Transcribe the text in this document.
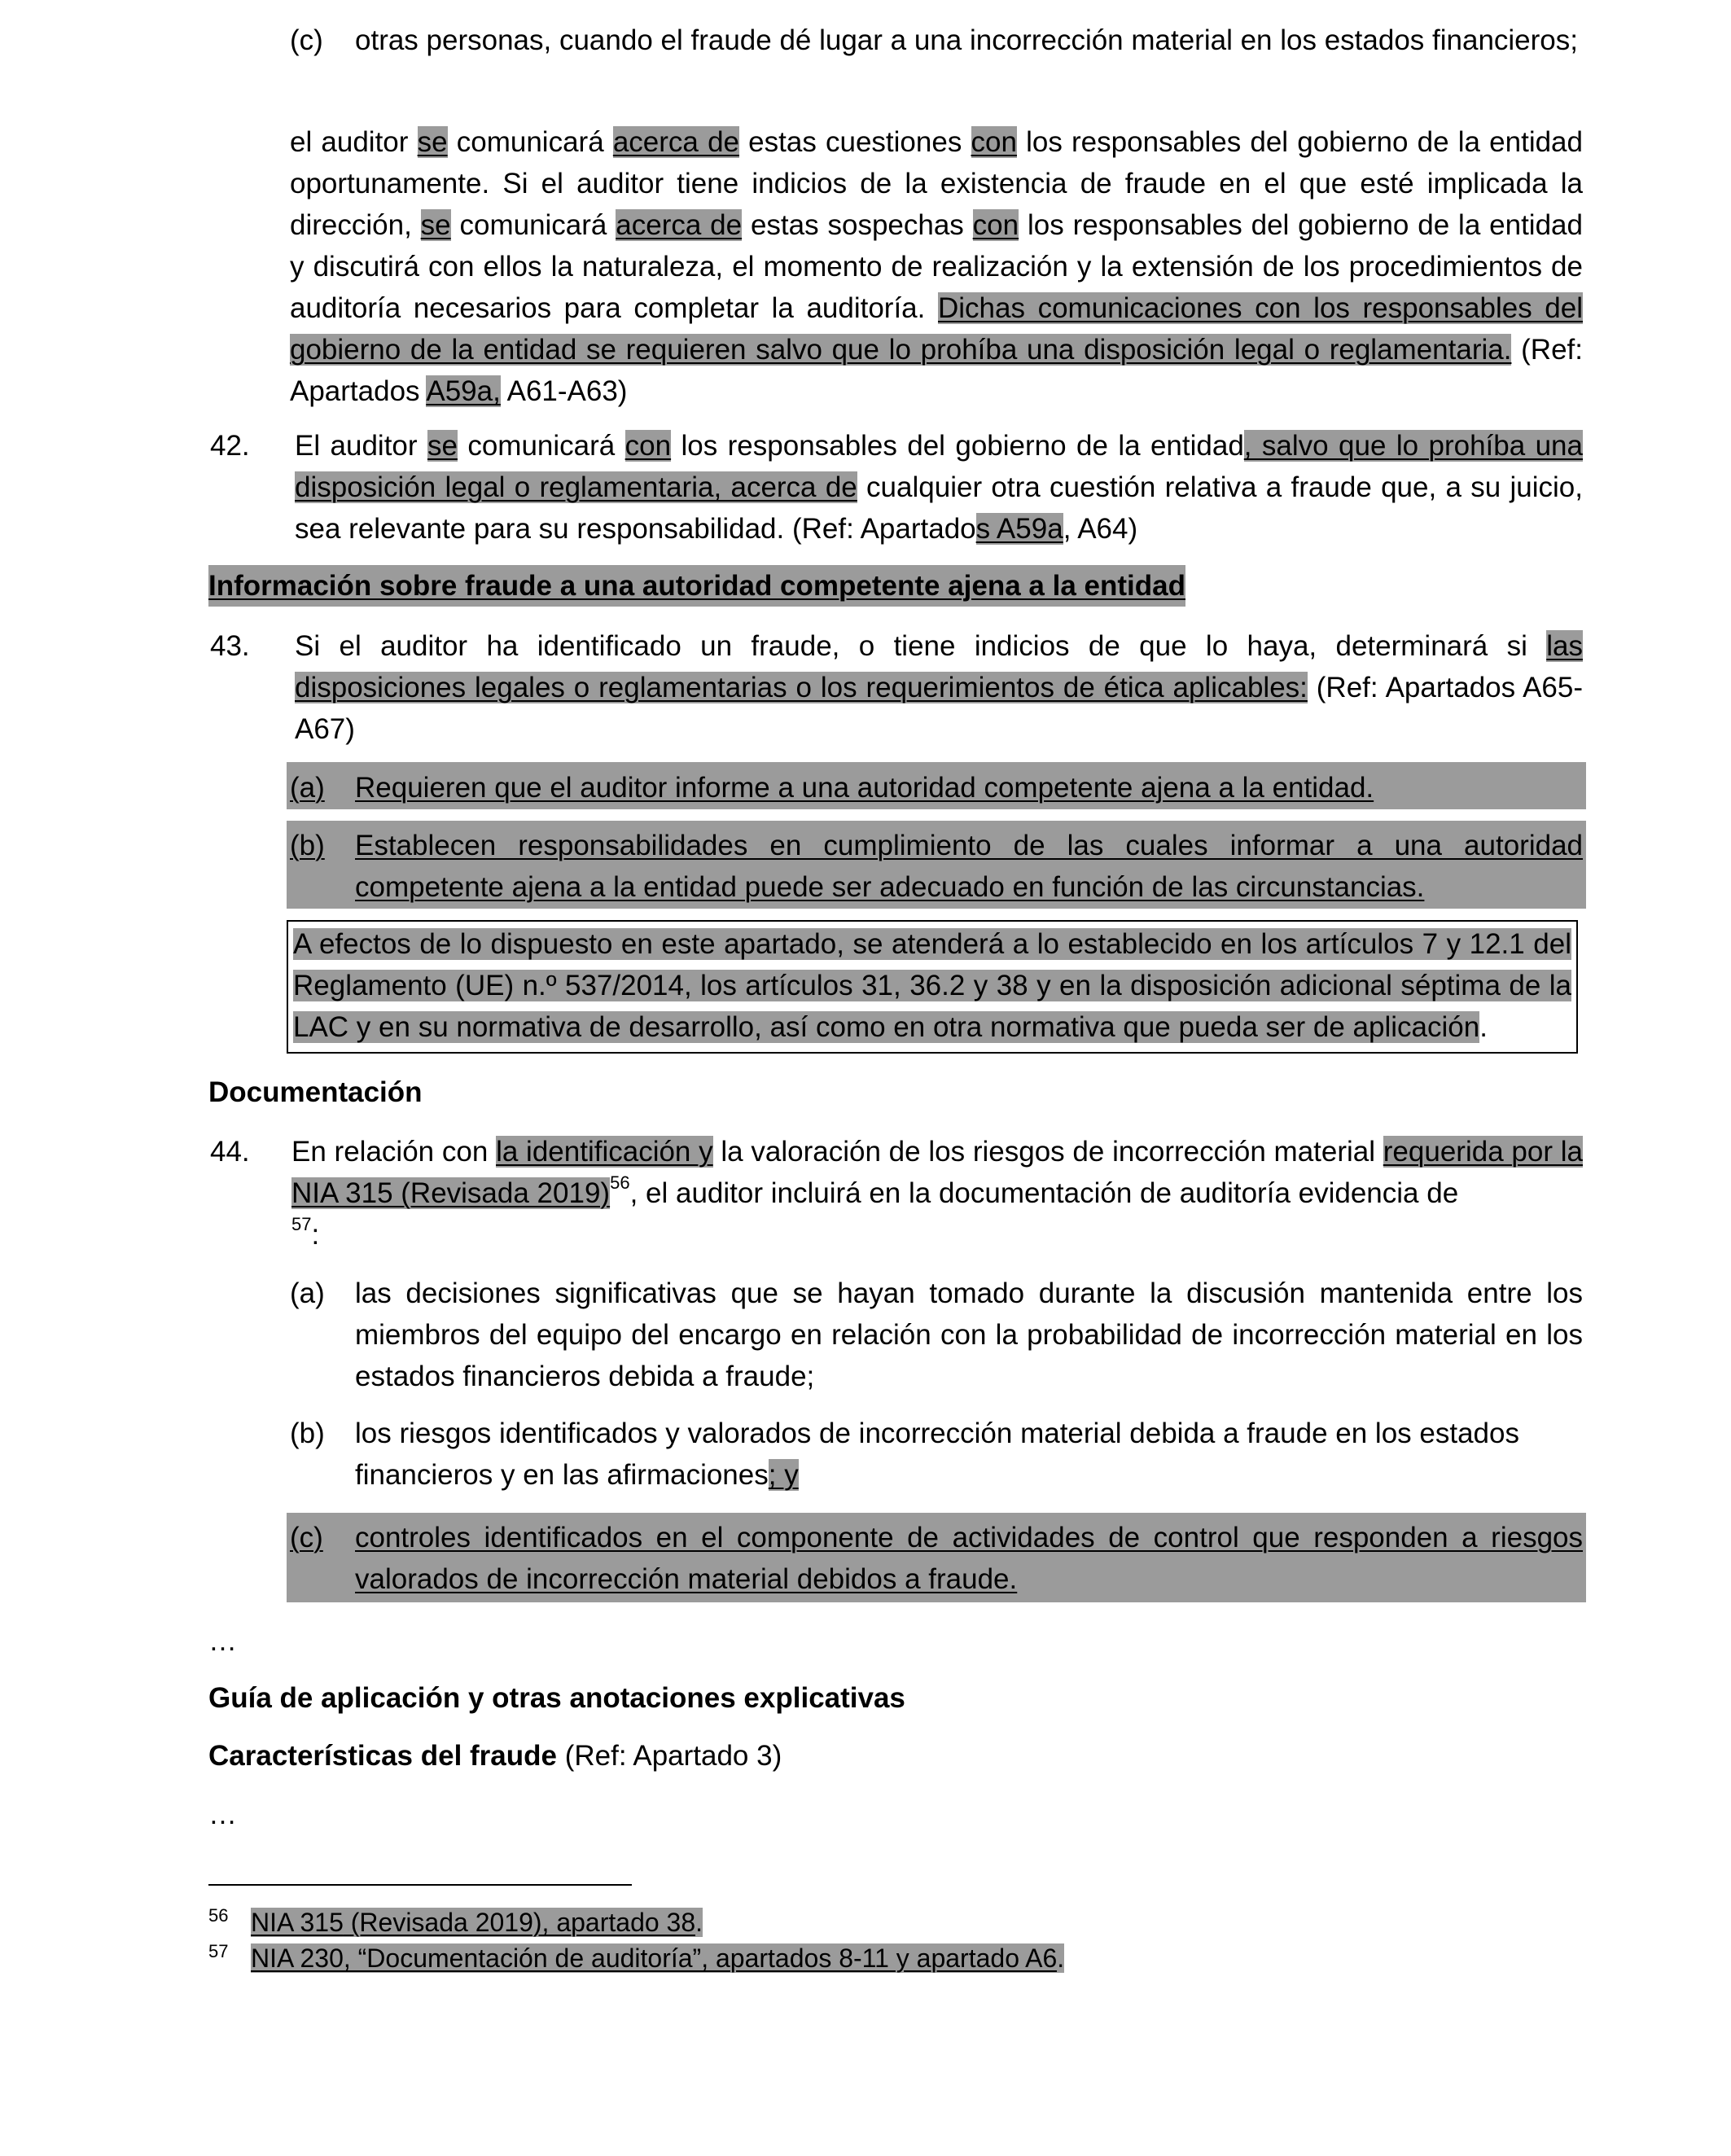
(c) otras personas, cuando el fraude dé lugar a una incorrección material en los estados financieros;

el auditor se comunicará acerca de estas cuestiones con los responsables del gobierno de la entidad oportunamente. Si el auditor tiene indicios de la existencia de fraude en el que esté implicada la dirección, se comunicará acerca de estas sospechas con los responsables del gobierno de la entidad y discutirá con ellos la naturaleza, el momento de realización y la extensión de los procedimientos de auditoría necesarios para completar la auditoría. Dichas comunicaciones con los responsables del gobierno de la entidad se requieren salvo que lo prohíba una disposición legal o reglamentaria. (Ref: Apartados A59a, A61-A63)

42. El auditor se comunicará con los responsables del gobierno de la entidad, salvo que lo prohíba una disposición legal o reglamentaria, acerca de cualquier otra cuestión relativa a fraude que, a su juicio, sea relevante para su responsabilidad. (Ref: Apartados A59a, A64)

Información sobre fraude a una autoridad competente ajena a la entidad
43. Si el auditor ha identificado un fraude, o tiene indicios de que lo haya, determinará si las disposiciones legales o reglamentarias o los requerimientos de ética aplicables: (Ref: Apartados A65-A67)

(a) Requieren que el auditor informe a una autoridad competente ajena a la entidad.

(b) Establecen responsabilidades en cumplimiento de las cuales informar a una autoridad competente ajena a la entidad puede ser adecuado en función de las circunstancias.

A efectos de lo dispuesto en este apartado, se atenderá a lo establecido en los artículos 7 y 12.1 del Reglamento (UE) n.º 537/2014, los artículos 31, 36.2 y 38 y en la disposición adicional séptima de la LAC y en su normativa de desarrollo, así como en otra normativa que pueda ser de aplicación.
Documentación
44. En relación con la identificación y la valoración de los riesgos de incorrección material requerida por la NIA 315 (Revisada 2019)$^{56}$, el auditor incluirá en la documentación de auditoría evidencia de
$^{57}$:

(a) las decisiones significativas que se hayan tomado durante la discusión mantenida entre los miembros del equipo del encargo en relación con la probabilidad de incorrección material en los estados financieros debida a fraude;

(b) los riesgos identificados y valorados de incorrección material debida a fraude en los estados financieros y en las afirmaciones; y

(c) controles identificados en el componente de actividades de control que responden a riesgos valorados de incorrección material debidos a fraude.

…
Guía de aplicación y otras anotaciones explicativas
Características del fraude (Ref: Apartado 3)
…
56 NIA 315 (Revisada 2019), apartado 38.
57 NIA 230, “Documentación de auditoría”, apartados 8-11 y apartado A6.
